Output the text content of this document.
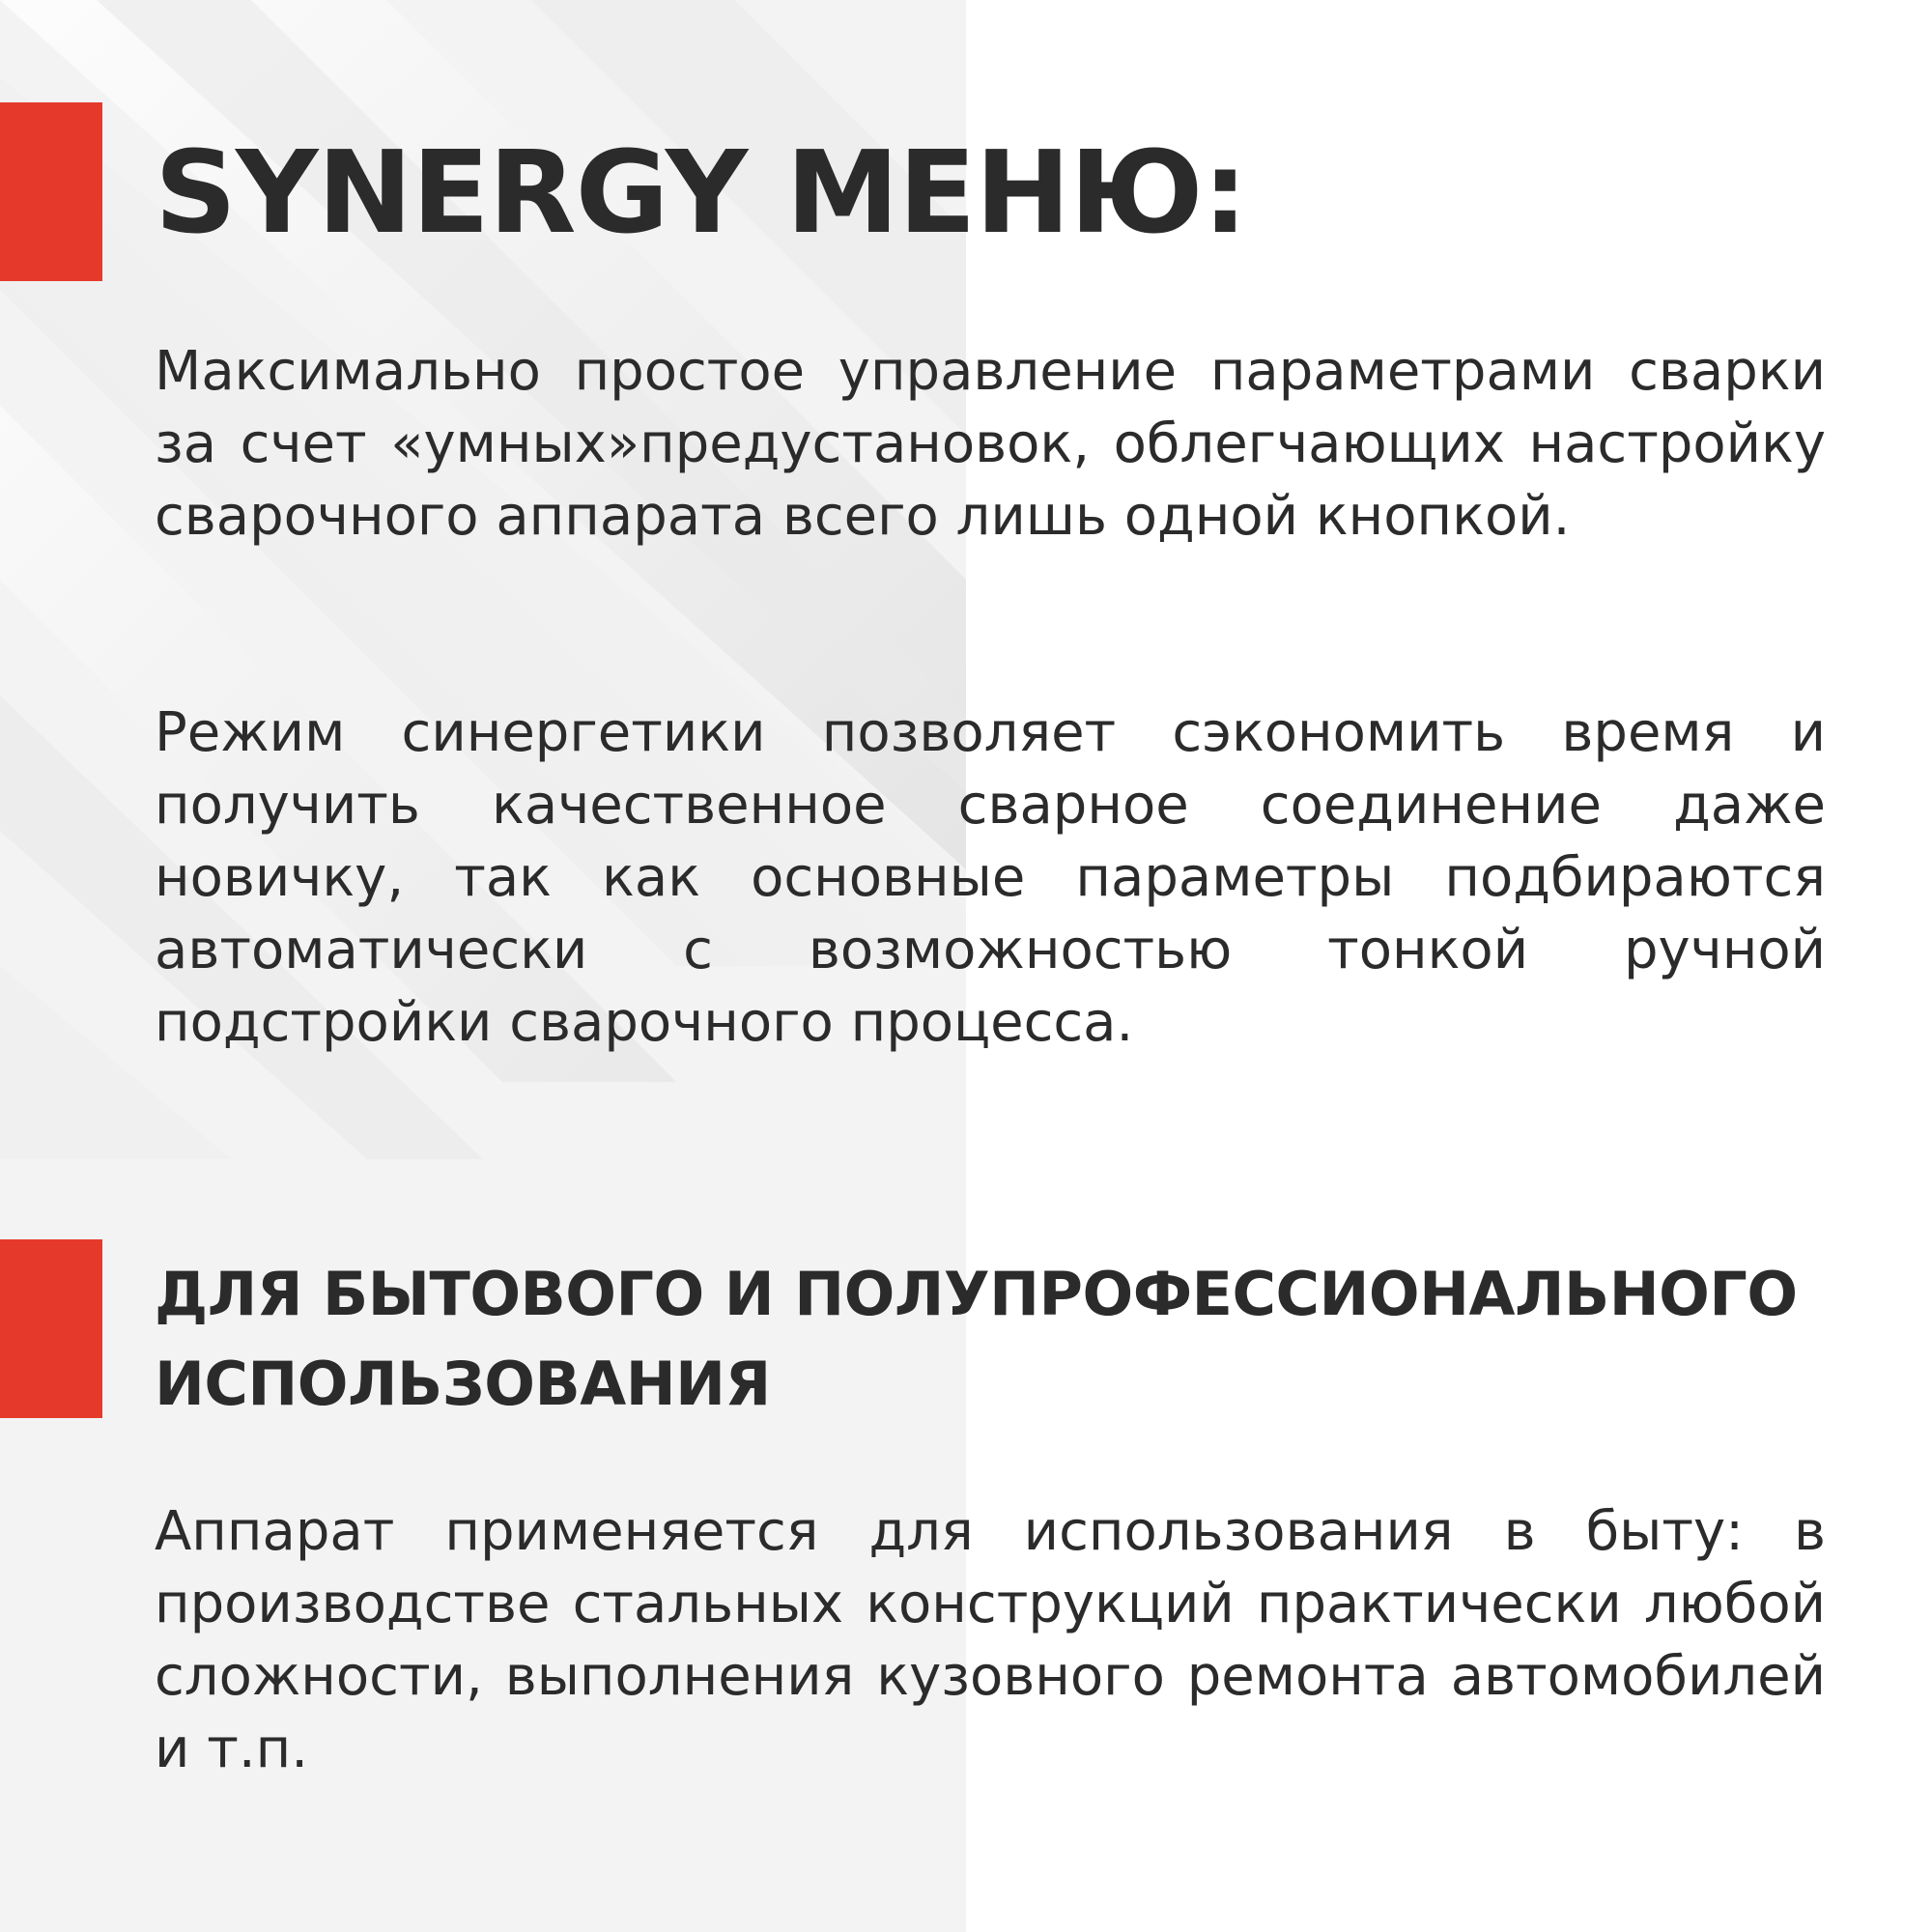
SYNERGY МЕНЮ:
Максимально простое управление параметрами сварки за счет «умных»предустановок, облегчающих настройку сварочного аппарата всего лишь одной кнопкой.
Режим синергетики позволяет сэкономить время и получить качественное сварное соединение даже новичку, так как основные параметры подбираются автоматически с возможностью тонкой ручной подстройки сварочного процесса.
ДЛЯ БЫТОВОГО И ПОЛУПРОФЕССИОНАЛЬНОГО ИСПОЛЬЗОВАНИЯ
Аппарат применяется для использования в быту: в производстве стальных конструкций практически любой сложности, выполнения кузовного ремонта автомобилей и т.п.
